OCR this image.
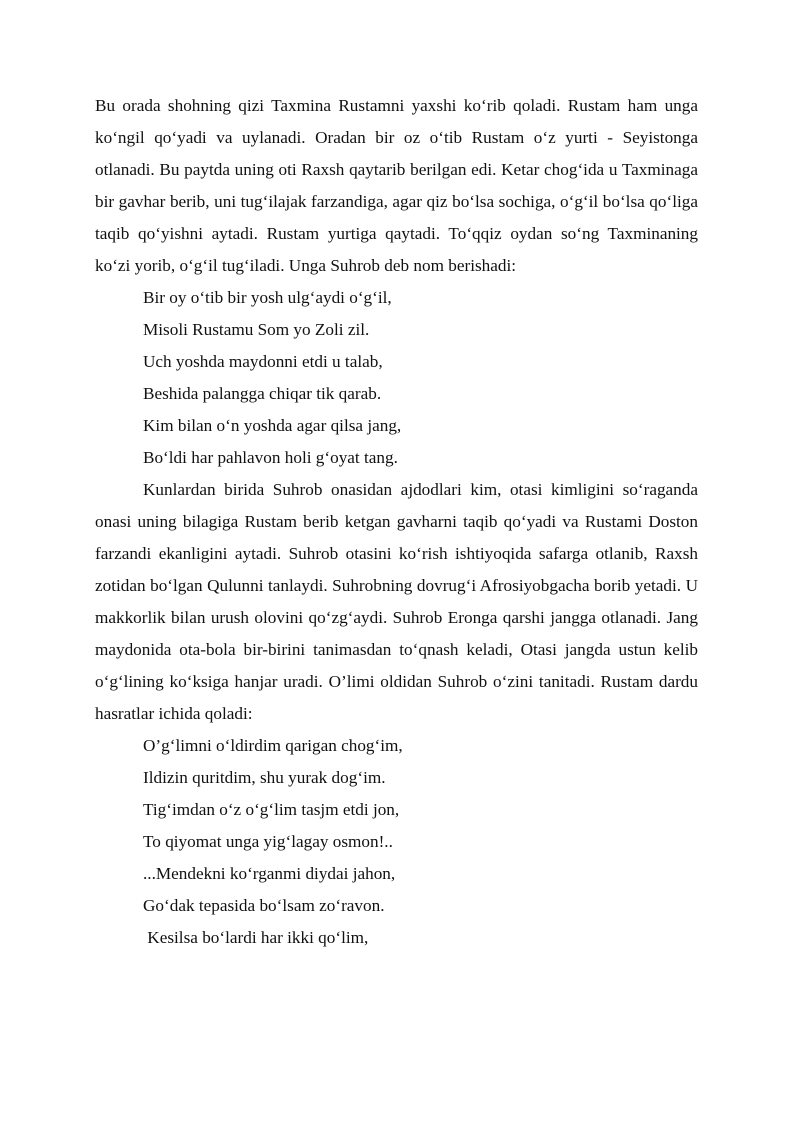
Bu orada shohning qizi Taxmina Rustamni yaxshi ko‘rib qoladi. Rustam ham unga ko‘ngil qo‘yadi va uylanadi. Oradan bir oz o‘tib Rustam o‘z yurti - Seyistonga otlanadi. Bu paytda uning oti Raxsh qaytarib berilgan edi. Ketar chog‘ida u Taxminaga bir gavhar berib, uni tug‘ilajak farzandiga, agar qiz bo‘lsa sochiga, o‘g‘il bo‘lsa qo‘liga taqib qo‘yishni aytadi. Rustam yurtiga qaytadi. To‘qqiz oydan so‘ng Taxminaning ko‘zi yorib, o‘g‘il tug‘iladi. Unga Suhrob deb nom berishadi:

Bir oy o‘tib bir yosh ulg‘aydi o‘g‘il,

Misoli Rustamu Som yo Zoli zil.

Uch yoshda maydonni etdi u talab,

Beshida palangga chiqar tik qarab.

Kim bilan o‘n yoshda agar qilsa jang,

Bo‘ldi har pahlavon holi g‘oyat tang.

Kunlardan birida Suhrob onasidan ajdodlari kim, otasi kimligini so‘raganda onasi uning bilagiga Rustam berib ketgan gavharni taqib qo‘yadi va Rustami Doston farzandi ekanligini aytadi. Suhrob otasini ko‘rish ishtiyoqida safarga otlanib, Raxsh zotidan bo‘lgan Qulunni tanlaydi. Suhrobning dovrug‘i Afrosiyobgacha borib yetadi. U makkorlik bilan urush olovini qo‘zg‘aydi. Suhrob Eronga qarshi jangga otlanadi. Jang maydonida ota-bola bir-birini tanimasdan to‘qnash keladi, Otasi jangda ustun kelib o‘g‘lining ko‘ksiga hanjar uradi. O’limi oldidan Suhrob o‘zini tanitadi. Rustam dardu hasratlar ichida qoladi:

O’g‘limni o‘ldirdim qarigan chog‘im,

Ildizin quritdim, shu yurak dog‘im.

Tig‘imdan o‘z o‘g‘lim tasjm etdi jon,

To qiyomat unga yig‘lagay osmon!..

...Mendekni ko‘rganmi diydai jahon,

Go‘dak tepasida bo‘lsam zo‘ravon.

Kesilsa bo‘lardi har ikki qo‘lim,
